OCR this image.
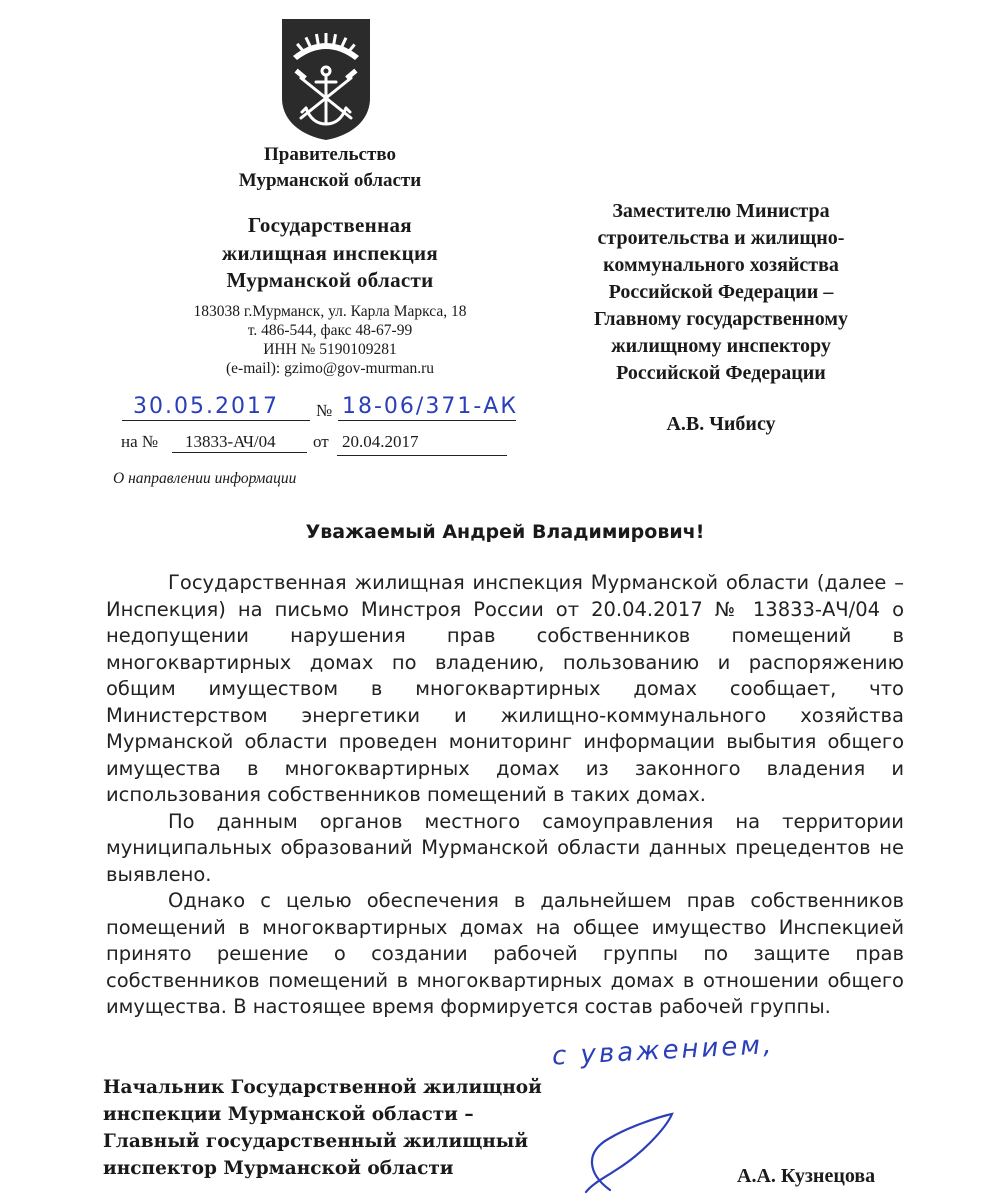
Правительство
Мурманской области
Государственная
жилищная инспекция
Мурманской области
183038 г.Мурманск, ул. Карла Маркса, 18
т. 486-544, факс 48-67-99
ИНН № 5190109281
(e-mail): gzimo@gov-murman.ru
30.05.2017 № 18-06/371-АК
на № 13833-АЧ/04 от 20.04.2017
О направлении информации
Заместителю Министра
строительства и жилищно-
коммунального хозяйства
Российской Федерации –
Главному государственному
жилищному инспектору
Российской Федерации
А.В. Чибису
Уважаемый Андрей Владимирович!

Государственная жилищная инспекция Мурманской области (далее – Инспекция) на письмо Минстроя России от 20.04.2017 № 13833-АЧ/04 о недопущении нарушения прав собственников помещений в многоквартирных домах по владению, пользованию и распоряжению общим имуществом в многоквартирных домах сообщает, что Министерством энергетики и жилищно-коммунального хозяйства Мурманской области проведен мониторинг информации выбытия общего имущества в многоквартирных домах из законного владения и использования собственников помещений в таких домах.

По данным органов местного самоуправления на территории муниципальных образований Мурманской области данных прецедентов не выявлено.

Однако с целью обеспечения в дальнейшем прав собственников помещений в многоквартирных домах на общее имущество Инспекцией принято решение о создании рабочей группы по защите прав собственников помещений в многоквартирных домах в отношении общего имущества. В настоящее время формируется состав рабочей группы.

с уважением,
Начальник Государственной жилищной
инспекции Мурманской области –
Главный государственный жилищный
инспектор Мурманской области	А.А. Кузнецова
